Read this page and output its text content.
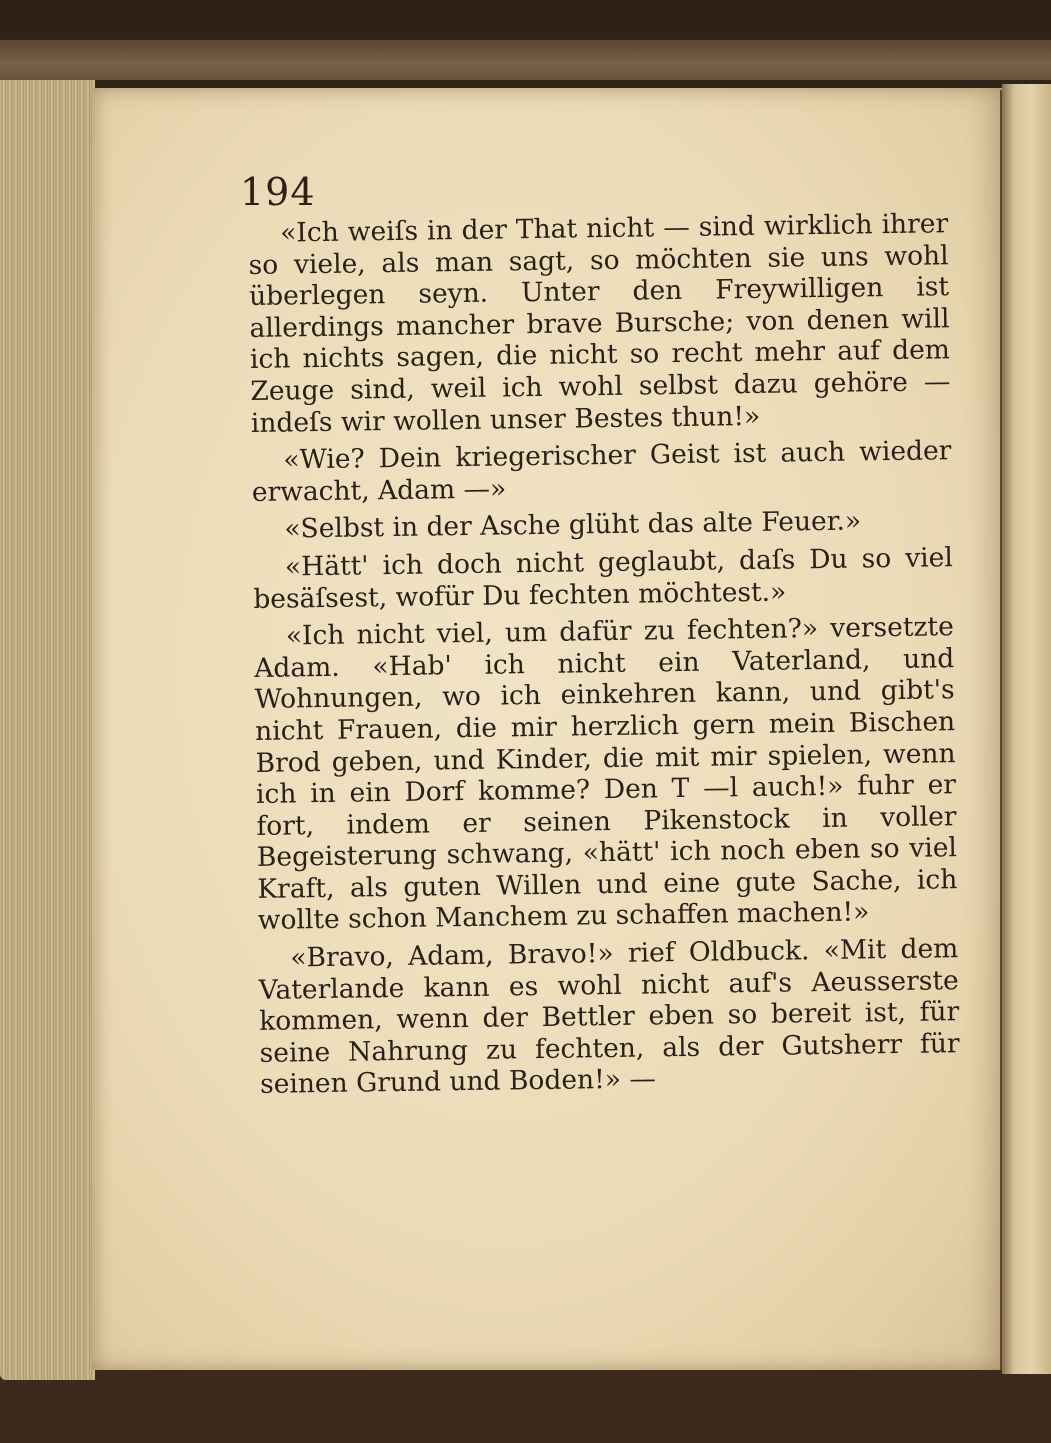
194

«Ich weiſs in der That nicht — sind wirklich ihrer so viele, als man sagt, so möchten sie uns wohl überlegen seyn. Unter den Freywilligen ist allerdings mancher brave Bursche; von denen will ich nichts sagen, die nicht so recht mehr auf dem Zeuge sind, weil ich wohl selbst dazu gehöre — indeſs wir wollen unser Bestes thun!»

«Wie? Dein kriegerischer Geist ist auch wieder erwacht, Adam —»

«Selbst in der Asche glüht das alte Feuer.»

«Hätt' ich doch nicht geglaubt, daſs Du so viel besäſsest, wofür Du fechten möchtest.»

«Ich nicht viel, um dafür zu fechten?» versetzte Adam. «Hab' ich nicht ein Vaterland, und Wohnungen, wo ich einkehren kann, und gibt's nicht Frauen, die mir herzlich gern mein Bischen Brod geben, und Kinder, die mit mir spielen, wenn ich in ein Dorf komme? Den T —l auch!» fuhr er fort, indem er seinen Pikenstock in voller Begeisterung schwang, «hätt' ich noch eben so viel Kraft, als guten Willen und eine gute Sache, ich wollte schon Manchem zu schaffen machen!»

«Bravo, Adam, Bravo!» rief Oldbuck. «Mit dem Vaterlande kann es wohl nicht auf's Aeusserste kommen, wenn der Bettler eben so bereit ist, für seine Nahrung zu fechten, als der Gutsherr für seinen Grund und Boden!» —
